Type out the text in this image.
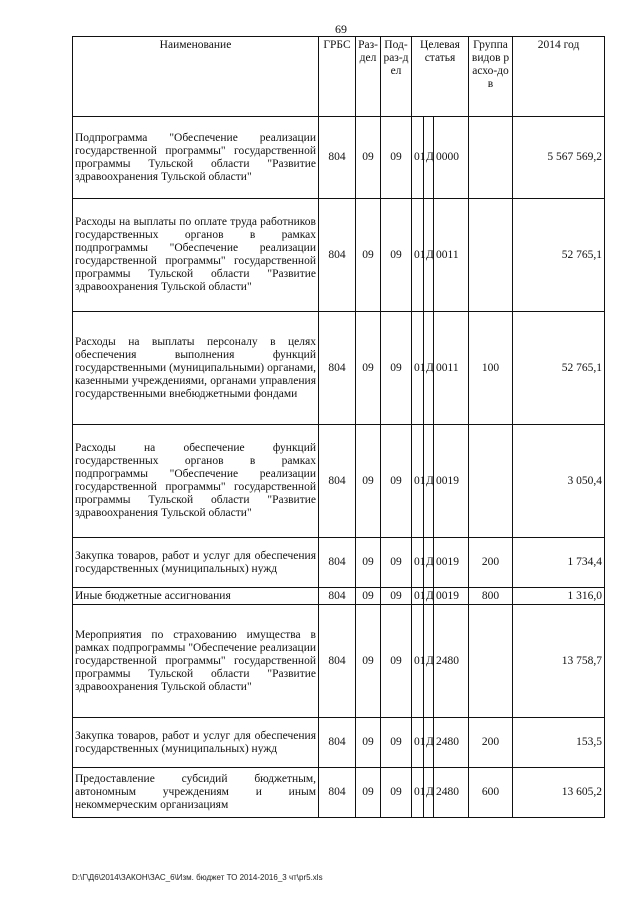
69
Наименование	ГРБС	Раз-дел	Под-раз-дел	Целевая статья			Группа видов расхо-дов	2014 год
Подпрограмма "Обеспечение реализации государственной программы" государственной программы Тульской области "Развитие здравоохранения Тульской области"	804	09	09	01	Д	0000		5 567 569,2
Расходы на выплаты по оплате труда работников государственных органов в рамках подпрограммы "Обеспечение реализации государственной программы" государственной программы Тульской области "Развитие здравоохранения Тульской области"	804	09	09	01	Д	0011		52 765,1
Расходы на выплаты персоналу в целях обеспечения выполнения функций государственными (муниципальными) органами, казенными учреждениями, органами управления государственными внебюджетными фондами	804	09	09	01	Д	0011	100	52 765,1
Расходы на обеспечение функций государственных органов в рамках подпрограммы "Обеспечение реализации государственной программы" государственной программы Тульской области "Развитие здравоохранения Тульской области"	804	09	09	01	Д	0019		3 050,4
Закупка товаров, работ и услуг для обеспечения государственных (муниципальных) нужд	804	09	09	01	Д	0019	200	1 734,4
Иные бюджетные ассигнования	804	09	09	01	Д	0019	800	1 316,0
Мероприятия по страхованию имущества в рамках подпрограммы "Обеспечение реализации государственной программы" государственной программы Тульской области "Развитие здравоохранения Тульской области"	804	09	09	01	Д	2480		13 758,7
Закупка товаров, работ и услуг для обеспечения государственных (муниципальных) нужд	804	09	09	01	Д	2480	200	153,5
Предоставление субсидий бюджетным, автономным учреждениям и иным некоммерческим организациям	804	09	09	01	Д	2480	600	13 605,2
D:\Г\Д6\2014\ЗАКОН\ЗАС_6\Изм. бюджет ТО 2014-2016_3 чт\pr5.xls
